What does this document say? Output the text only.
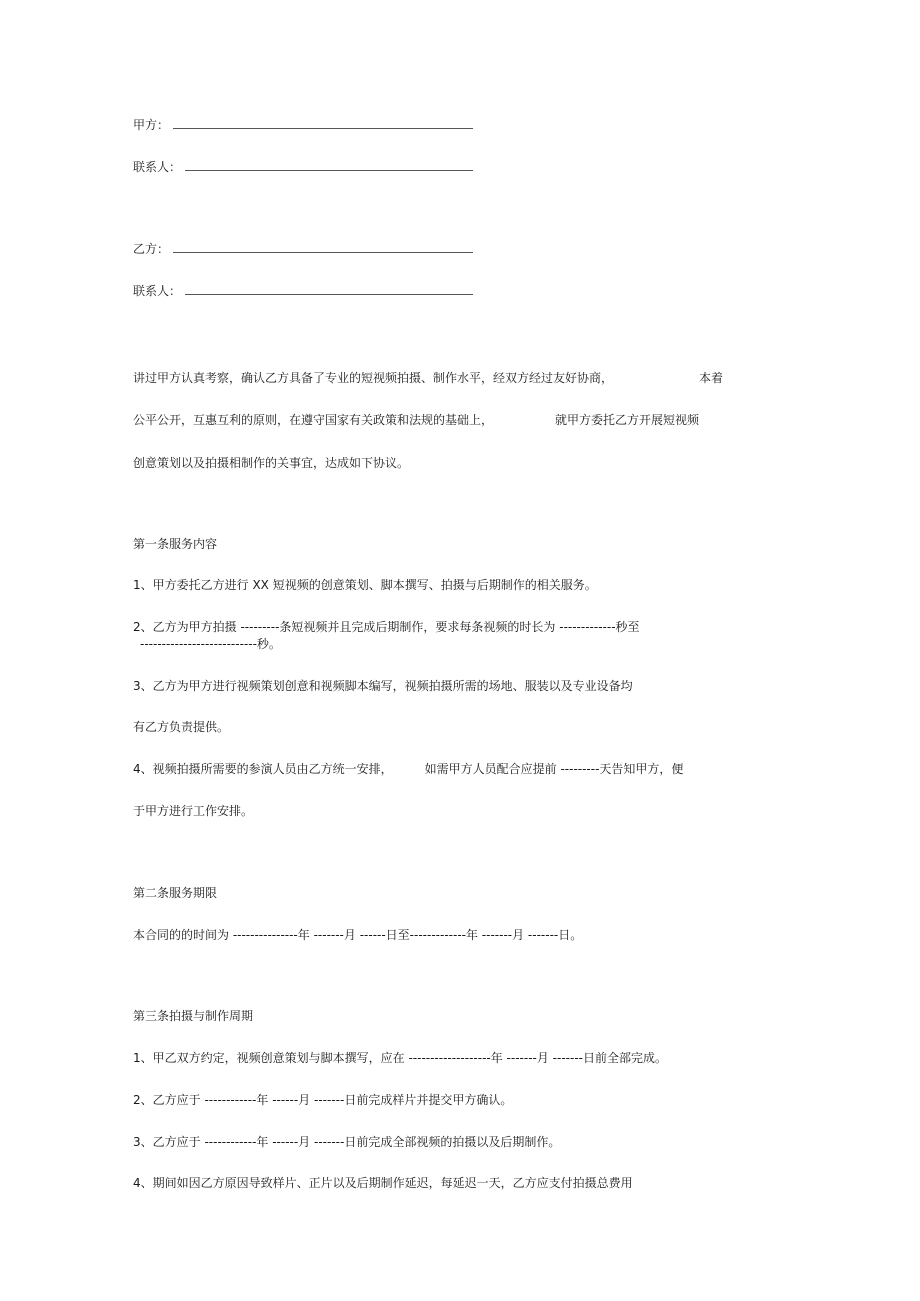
甲方：
联系人：
乙方：
联系人：
讲过甲方认真考察，确认乙方具备了专业的短视频拍摄、制作水平，经双方经过友好协商，	本着
公平公开，互惠互利的原则，在遵守国家有关政策和法规的基础上，	就甲方委托乙方开展短视频
创意策划以及拍摄相制作的关事宜，达成如下协议。
第一条服务内容
1、甲方委托乙方进行 XX 短视频的创意策划、脚本撰写、拍摄与后期制作的相关服务。
2、乙方为甲方拍摄 ---------条短视频并且完成后期制作，要求每条视频的时长为 -------------秒至
---------------------------秒。
3、乙方为甲方进行视频策划创意和视频脚本编写，视频拍摄所需的场地、服装以及专业设备均
有乙方负责提供。
4、视频拍摄所需要的参演人员由乙方统一安排，	如需甲方人员配合应提前 ---------天告知甲方，便
于甲方进行工作安排。
第二条服务期限
本合同的的时间为 ---------------年 -------月 ------日至-------------年 -------月 -------日。
第三条拍摄与制作周期
1、甲乙双方约定，视频创意策划与脚本撰写，应在 -------------------年 -------月 -------日前全部完成。
2、乙方应于 ------------年 ------月 -------日前完成样片并提交甲方确认。
3、乙方应于 ------------年 ------月 -------日前完成全部视频的拍摄以及后期制作。
4、期间如因乙方原因导致样片、正片以及后期制作延迟，每延迟一天，乙方应支付拍摄总费用
